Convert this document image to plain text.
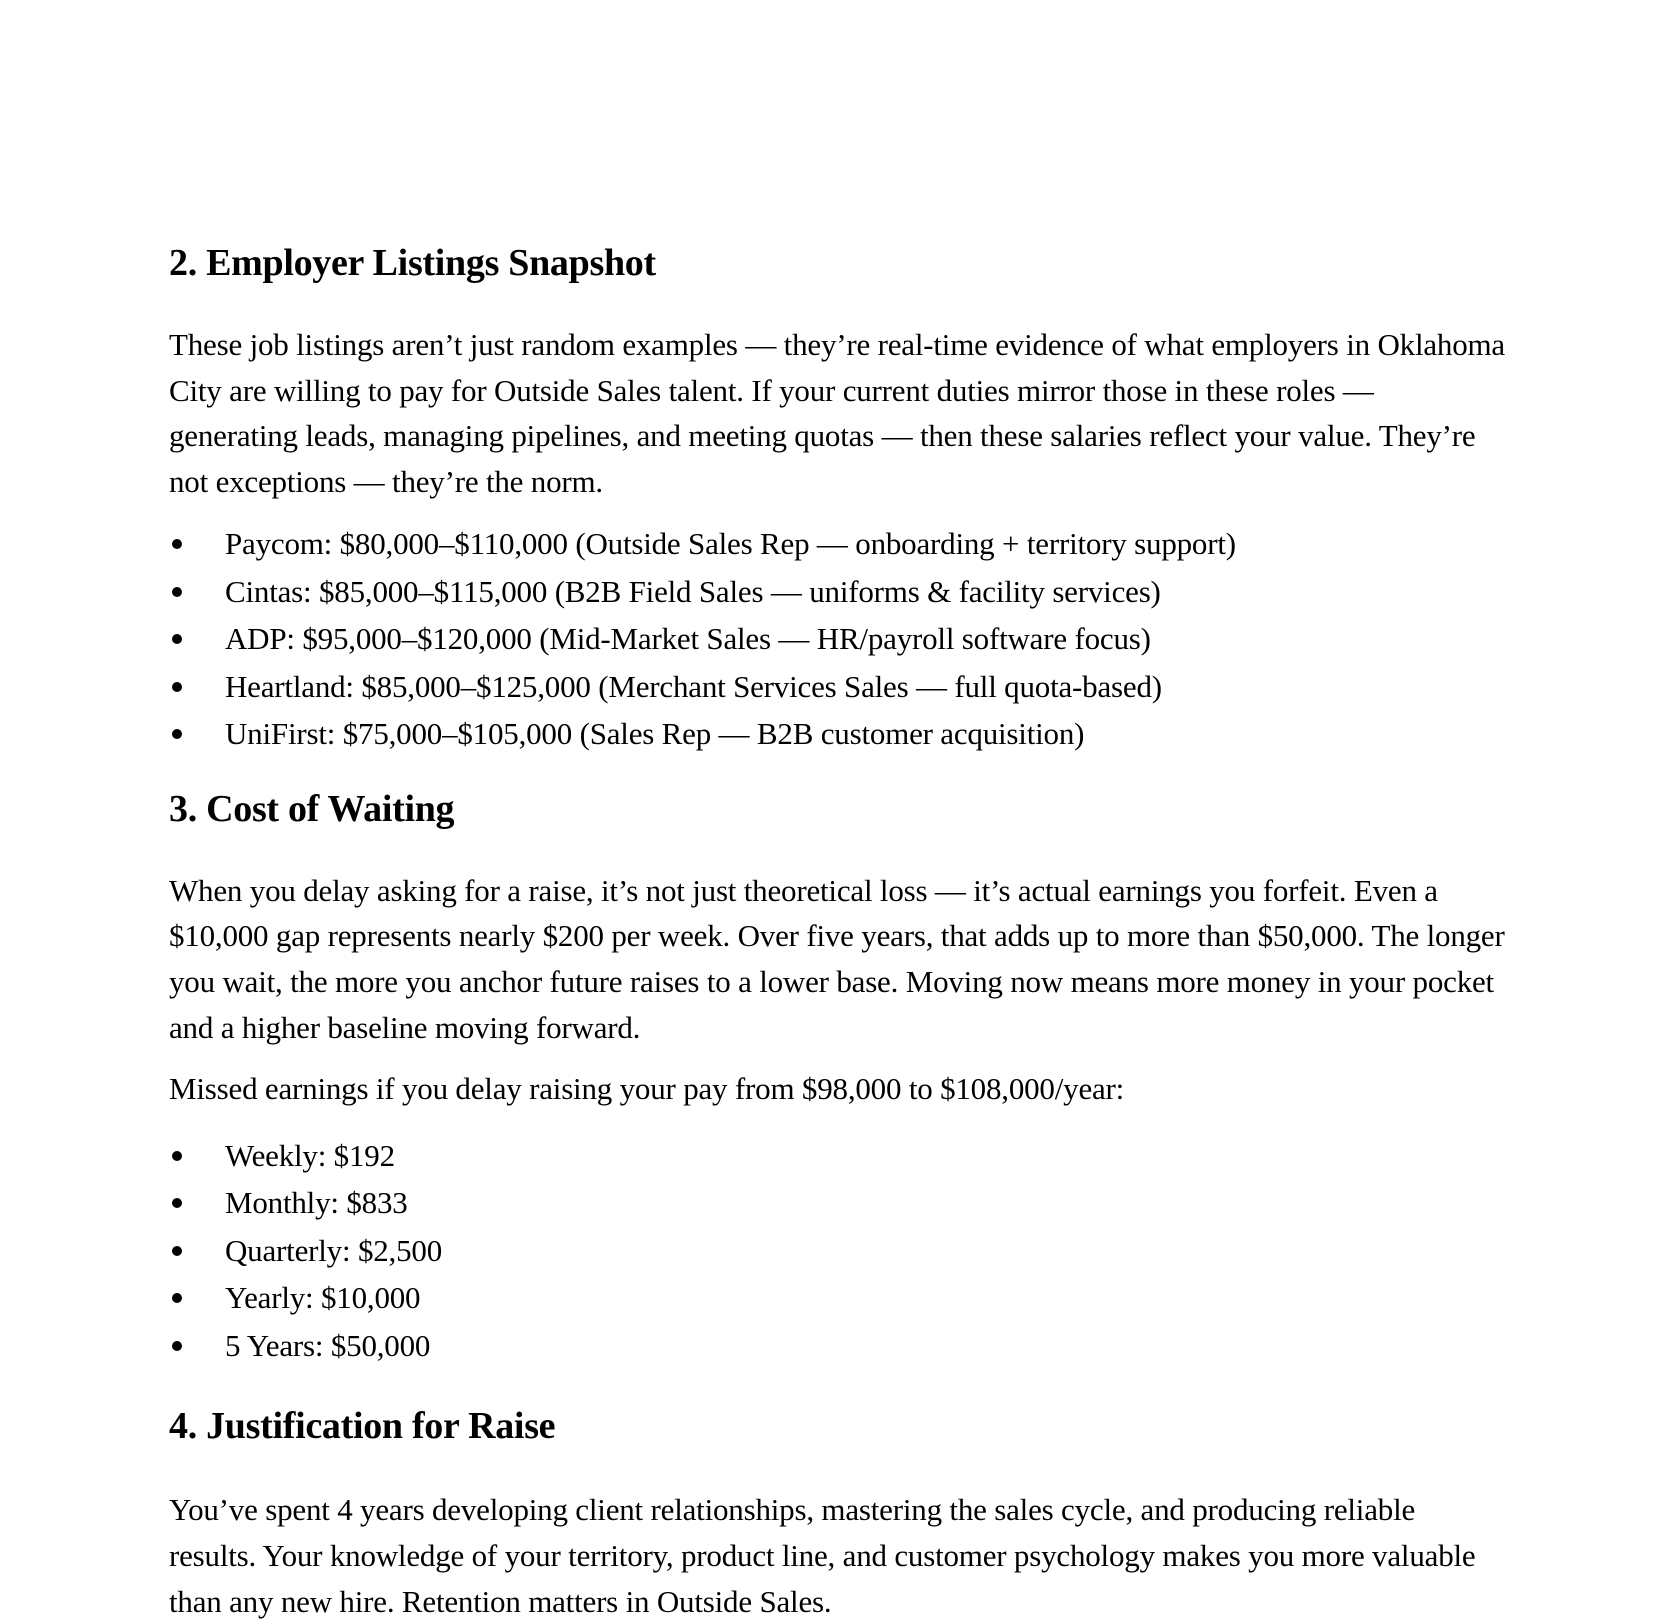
2. Employer Listings Snapshot

These job listings aren’t just random examples — they’re real-time evidence of what employers in Oklahoma City are willing to pay for Outside Sales talent. If your current duties mirror those in these roles — generating leads, managing pipelines, and meeting quotas — then these salaries reflect your value. They’re not exceptions — they’re the norm.

Paycom: $80,000–$110,000 (Outside Sales Rep — onboarding + territory support)
Cintas: $85,000–$115,000 (B2B Field Sales — uniforms & facility services)
ADP: $95,000–$120,000 (Mid-Market Sales — HR/payroll software focus)
Heartland: $85,000–$125,000 (Merchant Services Sales — full quota-based)
UniFirst: $75,000–$105,000 (Sales Rep — B2B customer acquisition)
3. Cost of Waiting

When you delay asking for a raise, it’s not just theoretical loss — it’s actual earnings you forfeit. Even a $10,000 gap represents nearly $200 per week. Over five years, that adds up to more than $50,000. The longer you wait, the more you anchor future raises to a lower base. Moving now means more money in your pocket and a higher baseline moving forward.

Missed earnings if you delay raising your pay from $98,000 to $108,000/year:

Weekly: $192
Monthly: $833
Quarterly: $2,500
Yearly: $10,000
5 Years: $50,000
4. Justification for Raise

You’ve spent 4 years developing client relationships, mastering the sales cycle, and producing reliable results. Your knowledge of your territory, product line, and customer psychology makes you more valuable than any new hire. Retention matters in Outside Sales.
